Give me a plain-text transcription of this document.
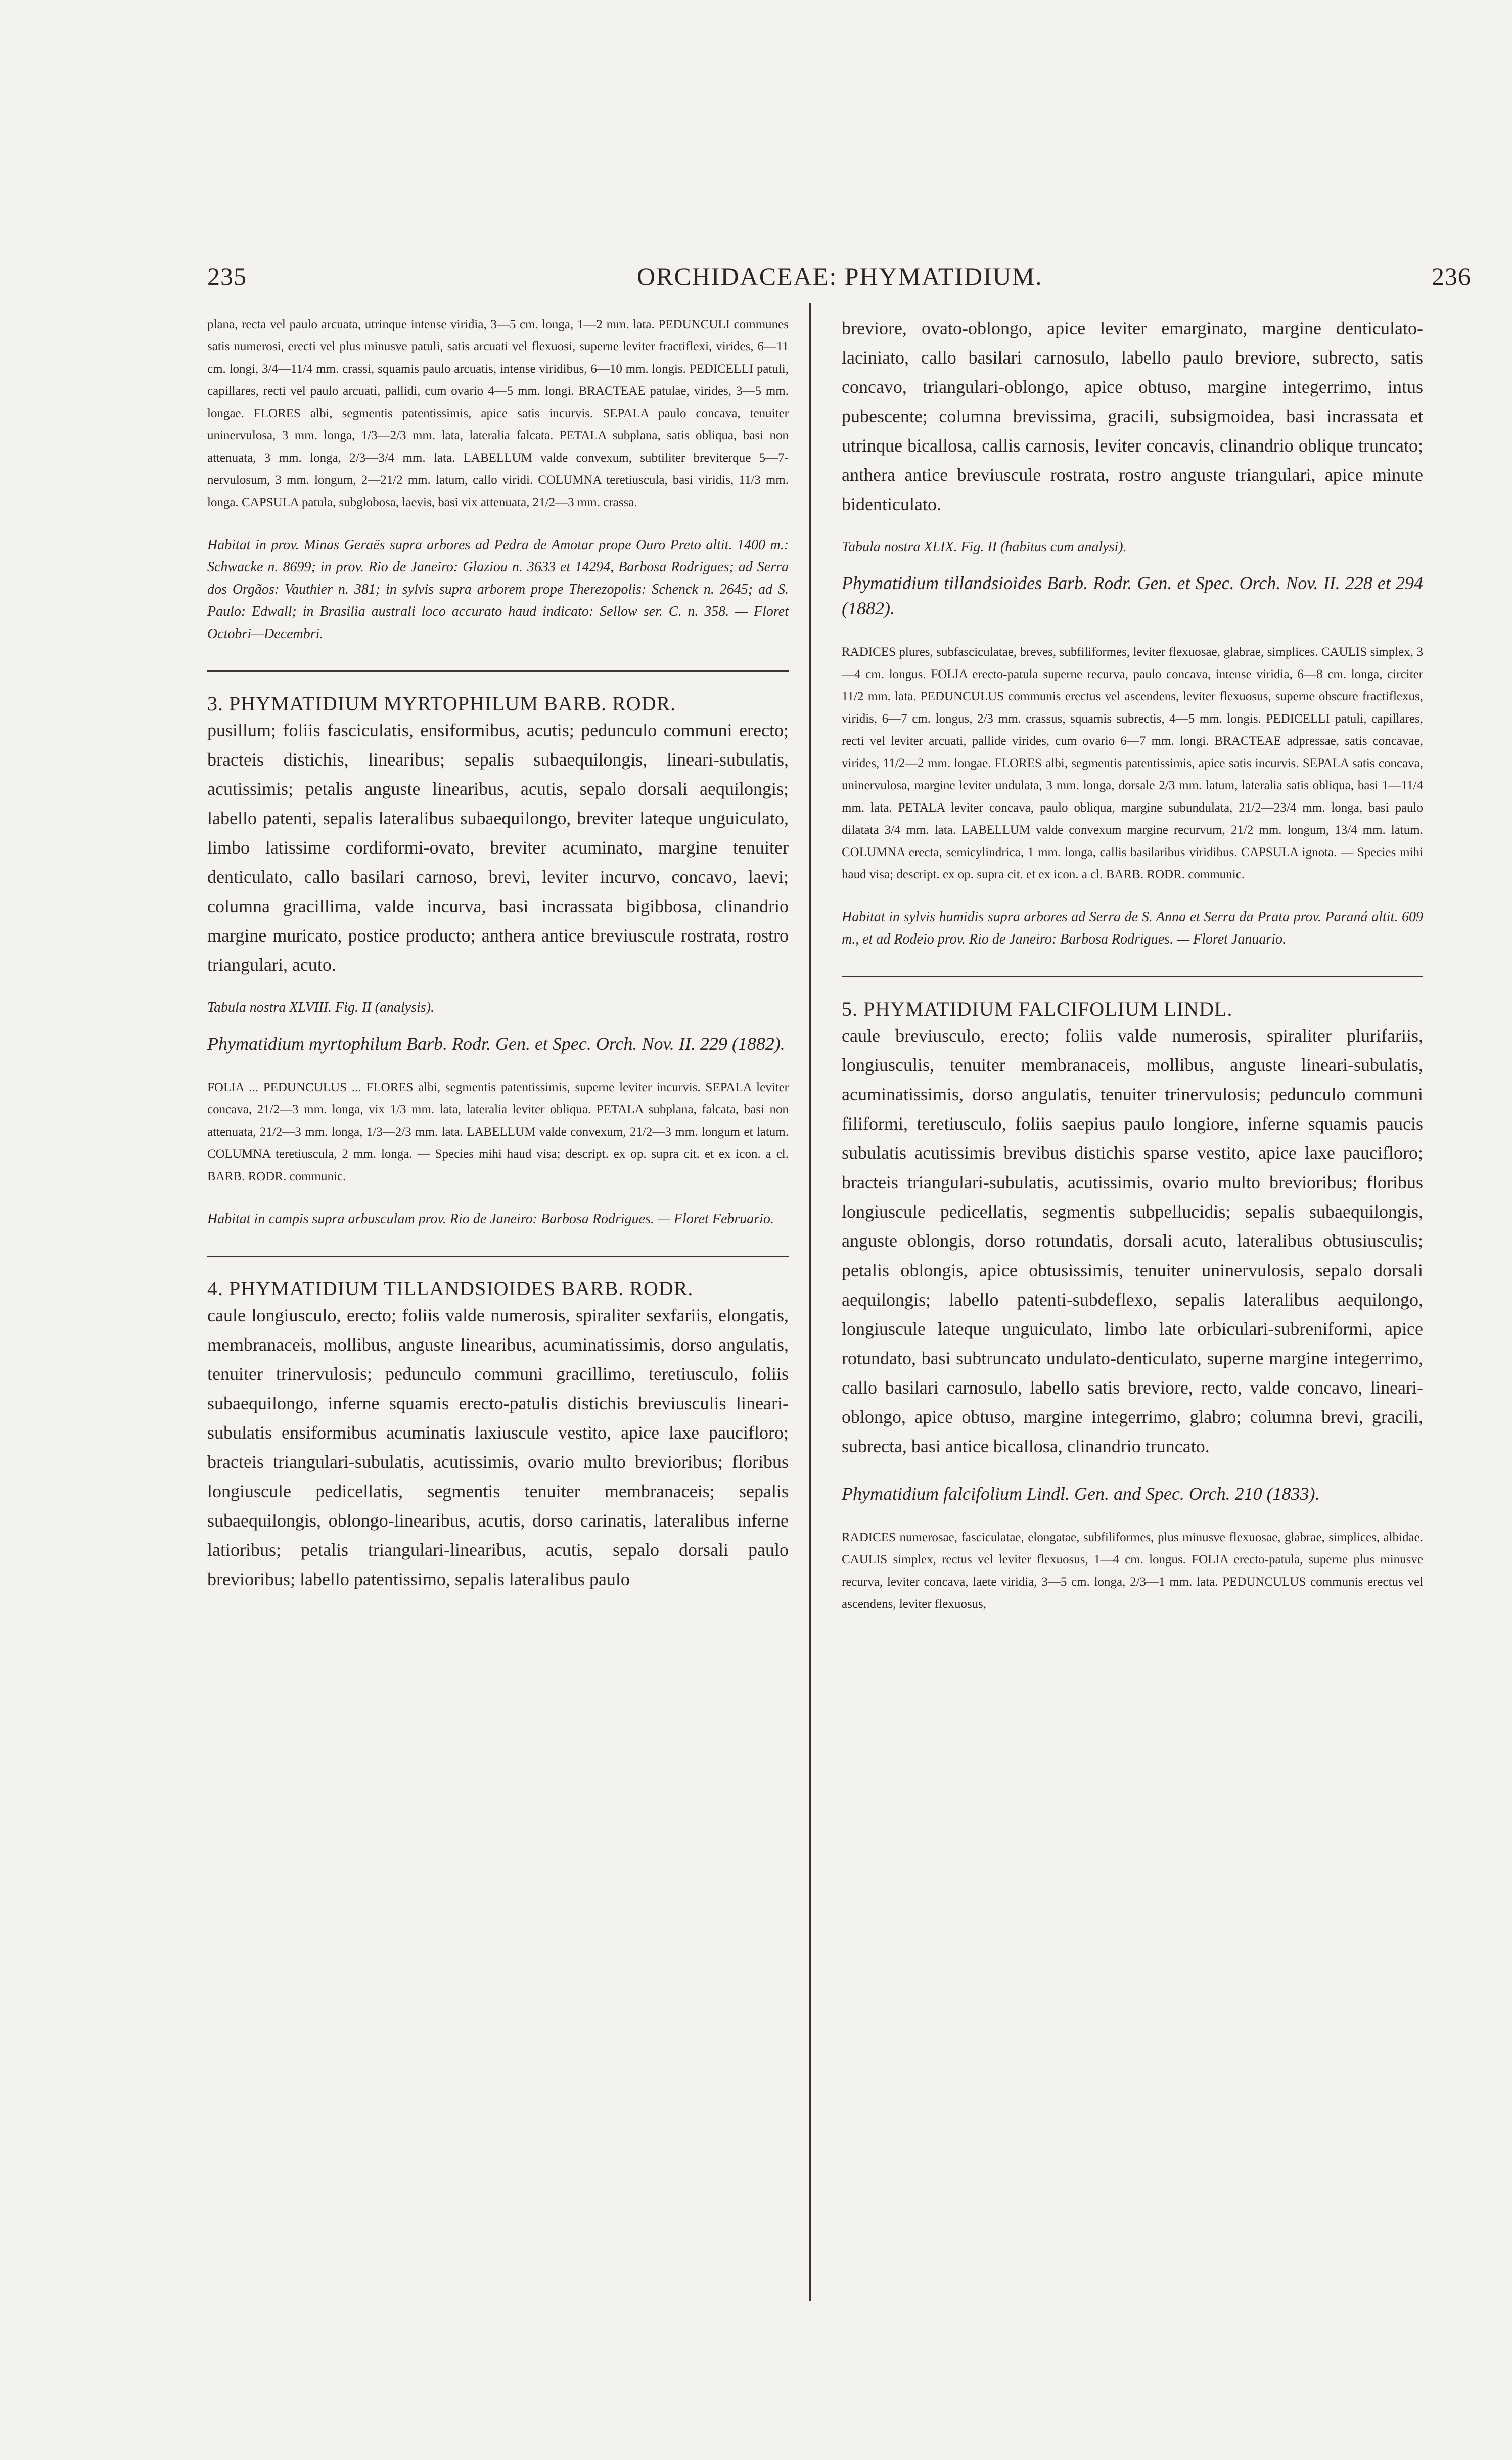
235	ORCHIDACEAE: PHYMATIDIUM.	236

plana, recta vel paulo arcuata, utrinque intense viridia, 3—5 cm. longa, 1—2 mm. lata. PEDUNCULI communes satis numerosi, erecti vel plus minusve patuli, satis arcuati vel flexuosi, superne leviter fractiflexi, virides, 6—11 cm. longi, 3/4—11/4 mm. crassi, squamis paulo arcuatis, intense viridibus, 6—10 mm. longis. PEDICELLI patuli, capillares, recti vel paulo arcuati, pallidi, cum ovario 4—5 mm. longi. BRACTEAE patulae, virides, 3—5 mm. longae. FLORES albi, segmentis patentissimis, apice satis incurvis. SEPALA paulo concava, tenuiter uninervulosa, 3 mm. longa, 1/3—2/3 mm. lata, lateralia falcata. PETALA subplana, satis obliqua, basi non attenuata, 3 mm. longa, 2/3—3/4 mm. lata. LABELLUM valde convexum, subtiliter breviterque 5—7-nervulosum, 3 mm. longum, 2—21/2 mm. latum, callo viridi. COLUMNA teretiuscula, basi viridis, 11/3 mm. longa. CAPSULA patula, subglobosa, laevis, basi vix attenuata, 21/2—3 mm. crassa.

Habitat in prov. Minas Geraës supra arbores ad Pedra de Amotar prope Ouro Preto altit. 1400 m.: Schwacke n. 8699; in prov. Rio de Janeiro: Glaziou n. 3633 et 14294, Barbosa Rodrigues; ad Serra dos Orgãos: Vauthier n. 381; in sylvis supra arborem prope Therezopolis: Schenck n. 2645; ad S. Paulo: Edwall; in Brasilia australi loco accurato haud indicato: Sellow ser. C. n. 358. — Floret Octobri—Decembri.

3. PHYMATIDIUM MYRTOPHILUM BARB. RODR.

pusillum; foliis fasciculatis, ensiformibus, acutis; pedunculo communi erecto; bracteis distichis, linearibus; sepalis subaequilongis, lineari-subulatis, acutissimis; petalis anguste linearibus, acutis, sepalo dorsali aequilongis; labello patenti, sepalis lateralibus subaequilongo, breviter lateque unguiculato, limbo latissime cordiformi-ovato, breviter acuminato, margine tenuiter denticulato, callo basilari carnoso, brevi, leviter incurvo, concavo, laevi; columna gracillima, valde incurva, basi incrassata bigibbosa, clinandrio margine muricato, postice producto; anthera antice breviuscule rostrata, rostro triangulari, acuto.

Tabula nostra XLVIII. Fig. II (analysis).

Phymatidium myrtophilum Barb. Rodr. Gen. et Spec. Orch. Nov. II. 229 (1882).

FOLIA ... PEDUNCULUS ... FLORES albi, segmentis patentissimis, superne leviter incurvis. SEPALA leviter concava, 21/2—3 mm. longa, vix 1/3 mm. lata, lateralia leviter obliqua. PETALA subplana, falcata, basi non attenuata, 21/2—3 mm. longa, 1/3—2/3 mm. lata. LABELLUM valde convexum, 21/2—3 mm. longum et latum. COLUMNA teretiuscula, 2 mm. longa. — Species mihi haud visa; descript. ex op. supra cit. et ex icon. a cl. BARB. RODR. communic.

Habitat in campis supra arbusculam prov. Rio de Janeiro: Barbosa Rodrigues. — Floret Februario.

4. PHYMATIDIUM TILLANDSIOIDES BARB. RODR.

caule longiusculo, erecto; foliis valde numerosis, spiraliter sexfariis, elongatis, membranaceis, mollibus, anguste linearibus, acuminatissimis, dorso angulatis, tenuiter trinervulosis; pedunculo communi gracillimo, teretiusculo, foliis subaequilongo, inferne squamis erecto-patulis distichis breviusculis lineari-subulatis ensiformibus acuminatis laxiuscule vestito, apice laxe paucifloro; bracteis triangulari-subulatis, acutissimis, ovario multo brevioribus; floribus longiuscule pedicellatis, segmentis tenuiter membranaceis; sepalis subaequilongis, oblongo-linearibus, acutis, dorso carinatis, lateralibus inferne latioribus; petalis triangulari-linearibus, acutis, sepalo dorsali paulo brevioribus; labello patentissimo, sepalis lateralibus paulo

breviore, ovato-oblongo, apice leviter emarginato, margine denticulato-laciniato, callo basilari carnosulo, labello paulo breviore, subrecto, satis concavo, triangulari-oblongo, apice obtuso, margine integerrimo, intus pubescente; columna brevissima, gracili, subsigmoidea, basi incrassata et utrinque bicallosa, callis carnosis, leviter concavis, clinandrio oblique truncato; anthera antice breviuscule rostrata, rostro anguste triangulari, apice minute bidenticulato.

Tabula nostra XLIX. Fig. II (habitus cum analysi).

Phymatidium tillandsioides Barb. Rodr. Gen. et Spec. Orch. Nov. II. 228 et 294 (1882).

RADICES plures, subfasciculatae, breves, subfiliformes, leviter flexuosae, glabrae, simplices. CAULIS simplex, 3—4 cm. longus. FOLIA erecto-patula superne recurva, paulo concava, intense viridia, 6—8 cm. longa, circiter 11/2 mm. lata. PEDUNCULUS communis erectus vel ascendens, leviter flexuosus, superne obscure fractiflexus, viridis, 6—7 cm. longus, 2/3 mm. crassus, squamis subrectis, 4—5 mm. longis. PEDICELLI patuli, capillares, recti vel leviter arcuati, pallide virides, cum ovario 6—7 mm. longi. BRACTEAE adpressae, satis concavae, virides, 11/2—2 mm. longae. FLORES albi, segmentis patentissimis, apice satis incurvis. SEPALA satis concava, uninervulosa, margine leviter undulata, 3 mm. longa, dorsale 2/3 mm. latum, lateralia satis obliqua, basi 1—11/4 mm. lata. PETALA leviter concava, paulo obliqua, margine subundulata, 21/2—23/4 mm. longa, basi paulo dilatata 3/4 mm. lata. LABELLUM valde convexum margine recurvum, 21/2 mm. longum, 13/4 mm. latum. COLUMNA erecta, semicylindrica, 1 mm. longa, callis basilaribus viridibus. CAPSULA ignota. — Species mihi haud visa; descript. ex op. supra cit. et ex icon. a cl. BARB. RODR. communic.

Habitat in sylvis humidis supra arbores ad Serra de S. Anna et Serra da Prata prov. Paraná altit. 609 m., et ad Rodeio prov. Rio de Janeiro: Barbosa Rodrigues. — Floret Januario.

5. PHYMATIDIUM FALCIFOLIUM LINDL.

caule breviusculo, erecto; foliis valde numerosis, spiraliter plurifariis, longiusculis, tenuiter membranaceis, mollibus, anguste lineari-subulatis, acuminatissimis, dorso angulatis, tenuiter trinervulosis; pedunculo communi filiformi, teretiusculo, foliis saepius paulo longiore, inferne squamis paucis subulatis acutissimis brevibus distichis sparse vestito, apice laxe paucifloro; bracteis triangulari-subulatis, acutissimis, ovario multo brevioribus; floribus longiuscule pedicellatis, segmentis subpellucidis; sepalis subaequilongis, anguste oblongis, dorso rotundatis, dorsali acuto, lateralibus obtusiusculis; petalis oblongis, apice obtusissimis, tenuiter uninervulosis, sepalo dorsali aequilongis; labello patenti-subdeflexo, sepalis lateralibus aequilongo, longiuscule lateque unguiculato, limbo late orbiculari-subreniformi, apice rotundato, basi subtruncato undulato-denticulato, superne margine integerrimo, callo basilari carnosulo, labello satis breviore, recto, valde concavo, lineari-oblongo, apice obtuso, margine integerrimo, glabro; columna brevi, gracili, subrecta, basi antice bicallosa, clinandrio truncato.

Phymatidium falcifolium Lindl. Gen. and Spec. Orch. 210 (1833).

RADICES numerosae, fasciculatae, elongatae, subfiliformes, plus minusve flexuosae, glabrae, simplices, albidae. CAULIS simplex, rectus vel leviter flexuosus, 1—4 cm. longus. FOLIA erecto-patula, superne plus minusve recurva, leviter concava, laete viridia, 3—5 cm. longa, 2/3—1 mm. lata. PEDUNCULUS communis erectus vel ascendens, leviter flexuosus,
